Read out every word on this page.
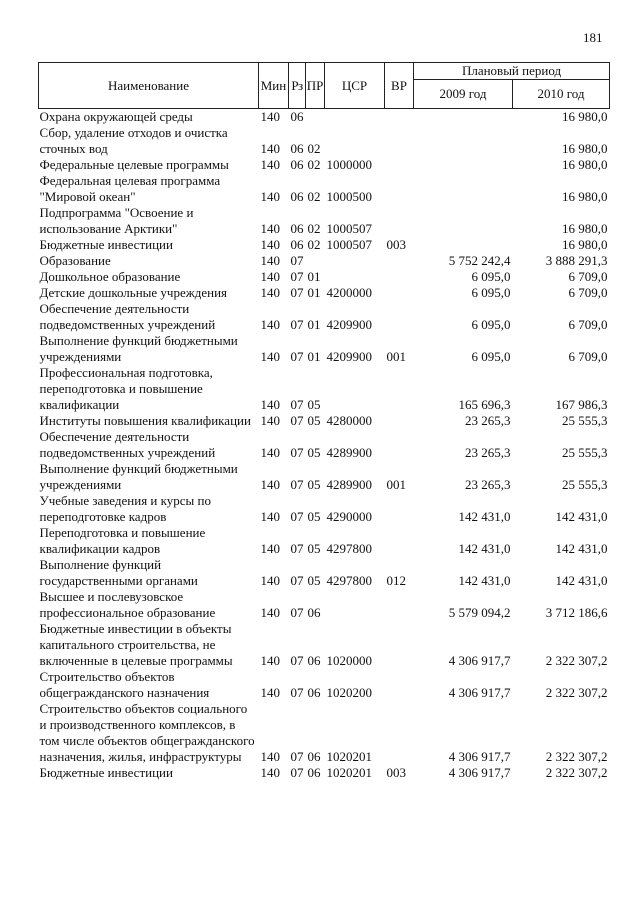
181
Наименование	Мин	Рз	ПР	ЦСР	ВР	Плановый период	
						2009 год	2010 год
Охрана окружающей среды	140	06					16 980,0
Сбор, удаление отходов и очистка сточных вод	140	06	02				16 980,0
Федеральные целевые программы	140	06	02	1000000			16 980,0
Федеральная целевая программа "Мировой океан"	140	06	02	1000500			16 980,0
Подпрограмма "Освоение и использование Арктики"	140	06	02	1000507			16 980,0
Бюджетные инвестиции	140	06	02	1000507	003		16 980,0
Образование	140	07				5 752 242,4	3 888 291,3
Дошкольное образование	140	07	01			6 095,0	6 709,0
Детские дошкольные учреждения	140	07	01	4200000		6 095,0	6 709,0
Обеспечение деятельности подведомственных учреждений	140	07	01	4209900		6 095,0	6 709,0
Выполнение функций бюджетными учреждениями	140	07	01	4209900	001	6 095,0	6 709,0
Профессиональная подготовка, переподготовка и повышение квалификации	140	07	05			165 696,3	167 986,3
Институты повышения квалификации	140	07	05	4280000		23 265,3	25 555,3
Обеспечение деятельности подведомственных учреждений	140	07	05	4289900		23 265,3	25 555,3
Выполнение функций бюджетными учреждениями	140	07	05	4289900	001	23 265,3	25 555,3
Учебные заведения и курсы по переподготовке кадров	140	07	05	4290000		142 431,0	142 431,0
Переподготовка и повышение квалификации кадров	140	07	05	4297800		142 431,0	142 431,0
Выполнение функций государственными органами	140	07	05	4297800	012	142 431,0	142 431,0
Высшее и послевузовское профессиональное образование	140	07	06			5 579 094,2	3 712 186,6
Бюджетные инвестиции в объекты капитального строительства, не включенные в целевые программы	140	07	06	1020000		4 306 917,7	2 322 307,2
Строительство объектов общегражданского назначения	140	07	06	1020200		4 306 917,7	2 322 307,2
Строительство объектов социального и производственного комплексов, в том числе объектов общегражданского назначения, жилья, инфраструктуры	140	07	06	1020201		4 306 917,7	2 322 307,2
Бюджетные инвестиции	140	07	06	1020201	003	4 306 917,7	2 322 307,2
